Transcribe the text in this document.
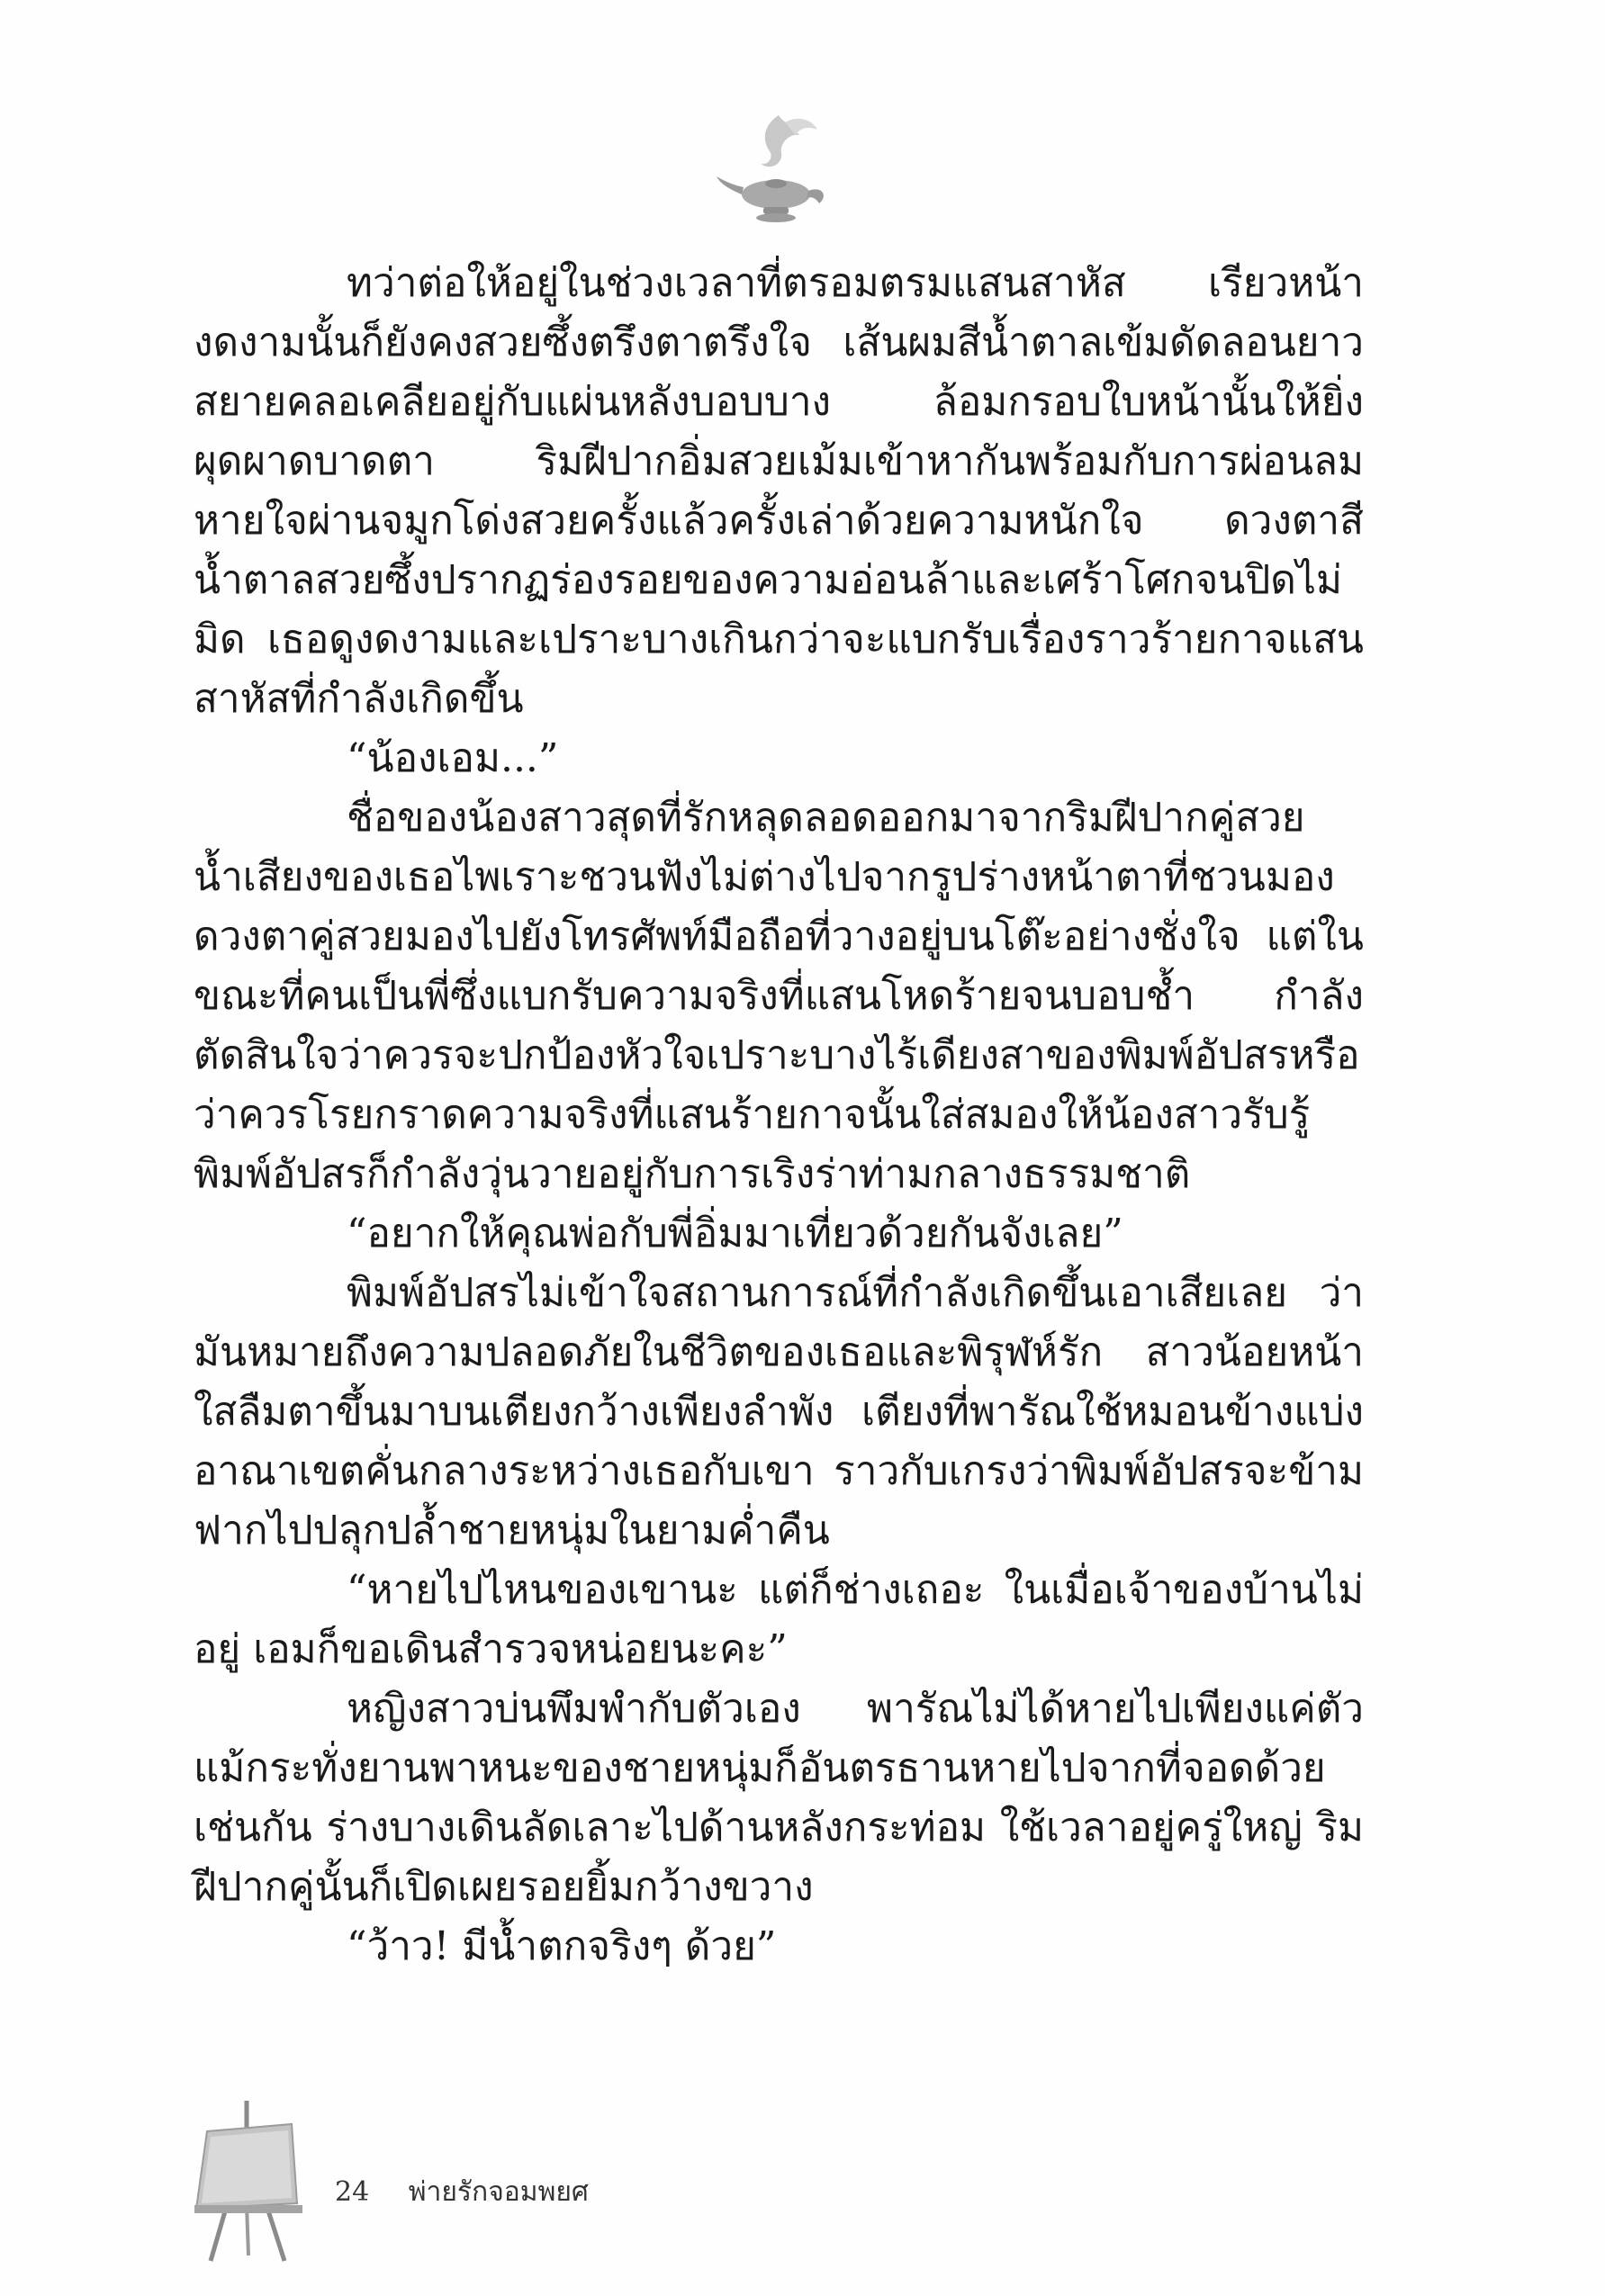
ทว่าต่อให้อยู่ในช่วงเวลาที่ตรอมตรมแสนสาหัส เรียวหน้างดงามนั้นก็ยังคงสวยซึ้งตรึงตาตรึงใจ เส้นผมสีน้ำตาลเข้มดัดลอนยาวสยายคลอเคลียอยู่กับแผ่นหลังบอบบาง ล้อมกรอบใบหน้านั้นให้ยิ่งผุดผาดบาดตา ริมฝีปากอิ่มสวยเม้มเข้าหากันพร้อมกับการผ่อนลมหายใจผ่านจมูกโด่งสวยครั้งแล้วครั้งเล่าด้วยความหนักใจ ดวงตาสีน้ำตาลสวยซึ้งปรากฏร่องรอยของความอ่อนล้าและเศร้าโศกจนปิดไม่มิด เธอดูงดงามและเปราะบางเกินกว่าจะแบกรับเรื่องราวร้ายกาจแสนสาหัสที่กำลังเกิดขึ้น

“น้องเอม...”

ชื่อของน้องสาวสุดที่รักหลุดลอดออกมาจากริมฝีปากคู่สวย น้ำเสียงของเธอไพเราะชวนฟังไม่ต่างไปจากรูปร่างหน้าตาที่ชวนมอง ดวงตาคู่สวยมองไปยังโทรศัพท์มือถือที่วางอยู่บนโต๊ะอย่างชั่งใจ แต่ในขณะที่คนเป็นพี่ซึ่งแบกรับความจริงที่แสนโหดร้ายจนบอบช้ำ กำลังตัดสินใจว่าควรจะปกป้องหัวใจเปราะบางไร้เดียงสาของพิมพ์อัปสรหรือว่าควรโรยกราดความจริงที่แสนร้ายกาจนั้นใส่สมองให้น้องสาวรับรู้ พิมพ์อัปสรก็กำลังวุ่นวายอยู่กับการเริงร่าท่ามกลางธรรมชาติ

“อยากให้คุณพ่อกับพี่อิ่มมาเที่ยวด้วยกันจังเลย”

พิมพ์อัปสรไม่เข้าใจสถานการณ์ที่กำลังเกิดขึ้นเอาเสียเลย ว่ามันหมายถึงความปลอดภัยในชีวิตของเธอและพิรุฬห์รัก สาวน้อยหน้าใสลืมตาขึ้นมาบนเตียงกว้างเพียงลำพัง เตียงที่พารัณใช้หมอนข้างแบ่งอาณาเขตคั่นกลางระหว่างเธอกับเขา ราวกับเกรงว่าพิมพ์อัปสรจะข้ามฟากไปปลุกปล้ำชายหนุ่มในยามค่ำคืน

“หายไปไหนของเขานะ แต่ก็ช่างเถอะ ในเมื่อเจ้าของบ้านไม่อยู่ เอมก็ขอเดินสำรวจหน่อยนะคะ”

หญิงสาวบ่นพึมพำกับตัวเอง พารัณไม่ได้หายไปเพียงแค่ตัว แม้กระทั่งยานพาหนะของชายหนุ่มก็อันตรธานหายไปจากที่จอดด้วยเช่นกัน ร่างบางเดินลัดเลาะไปด้านหลังกระท่อม ใช้เวลาอยู่ครู่ใหญ่ ริมฝีปากคู่นั้นก็เปิดเผยรอยยิ้มกว้างขวาง

“ว้าว! มีน้ำตกจริงๆ ด้วย”

24 พ่ายรักจอมพยศ
